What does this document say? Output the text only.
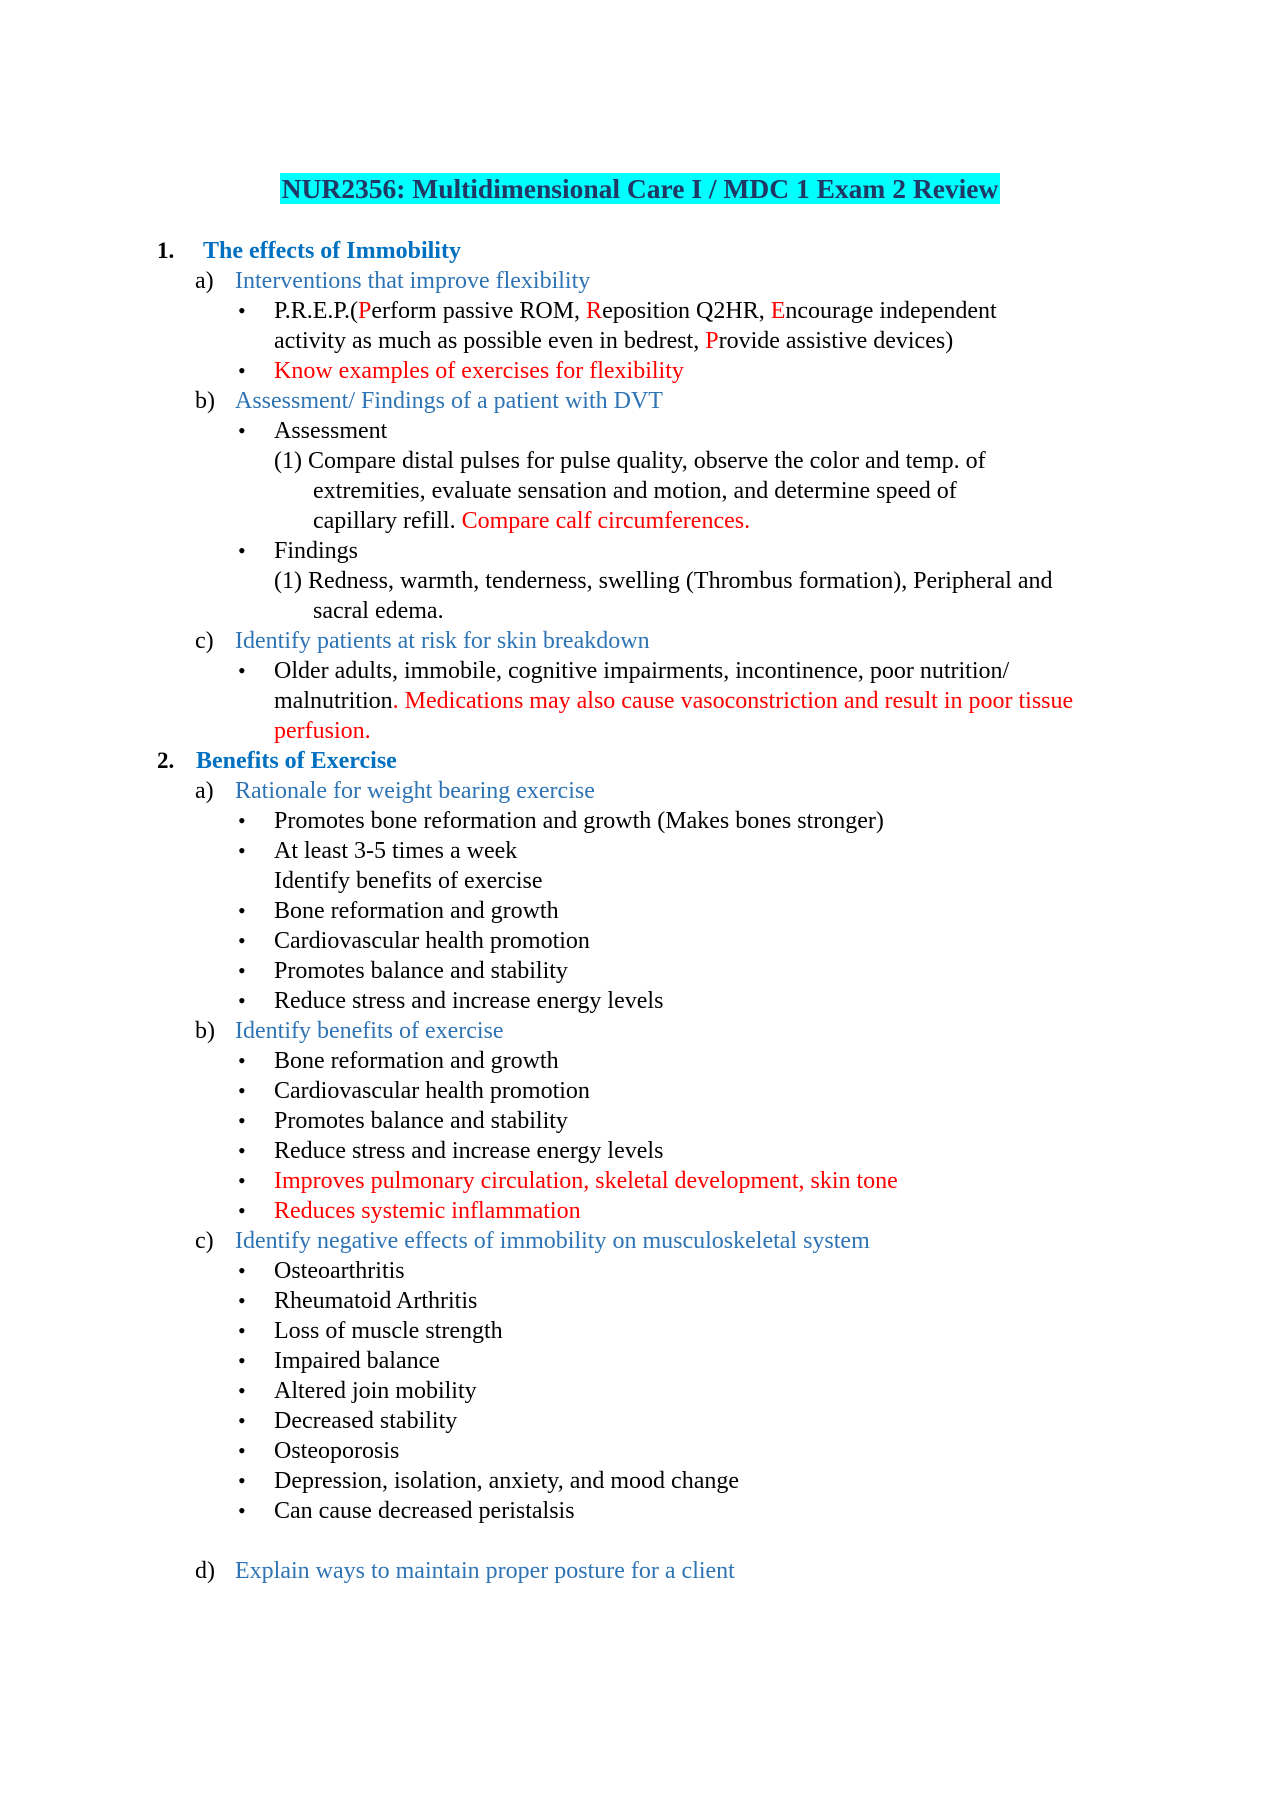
NUR2356: Multidimensional Care I / MDC 1 Exam 2 Review
1. The effects of Immobility
a) Interventions that improve flexibility
• P.R.E.P.(Perform passive ROM, Reposition Q2HR, Encourage independent
activity as much as possible even in bedrest, Provide assistive devices)
• Know examples of exercises for flexibility
b) Assessment/ Findings of a patient with DVT
• Assessment
(1) Compare distal pulses for pulse quality, observe the color and temp. of
extremities, evaluate sensation and motion, and determine speed of
capillary refill. Compare calf circumferences.
• Findings
(1) Redness, warmth, tenderness, swelling (Thrombus formation), Peripheral and
sacral edema.
c) Identify patients at risk for skin breakdown
• Older adults, immobile, cognitive impairments, incontinence, poor nutrition/
malnutrition. Medications may also cause vasoconstriction and result in poor tissue
perfusion.
2. Benefits of Exercise
a) Rationale for weight bearing exercise
• Promotes bone reformation and growth (Makes bones stronger)
• At least 3-5 times a week
Identify benefits of exercise
• Bone reformation and growth
• Cardiovascular health promotion
• Promotes balance and stability
• Reduce stress and increase energy levels
b) Identify benefits of exercise
• Bone reformation and growth
• Cardiovascular health promotion
• Promotes balance and stability
• Reduce stress and increase energy levels
• Improves pulmonary circulation, skeletal development, skin tone
• Reduces systemic inflammation
c) Identify negative effects of immobility on musculoskeletal system
• Osteoarthritis
• Rheumatoid Arthritis
• Loss of muscle strength
• Impaired balance
• Altered join mobility
• Decreased stability
• Osteoporosis
• Depression, isolation, anxiety, and mood change
• Can cause decreased peristalsis
d) Explain ways to maintain proper posture for a client
